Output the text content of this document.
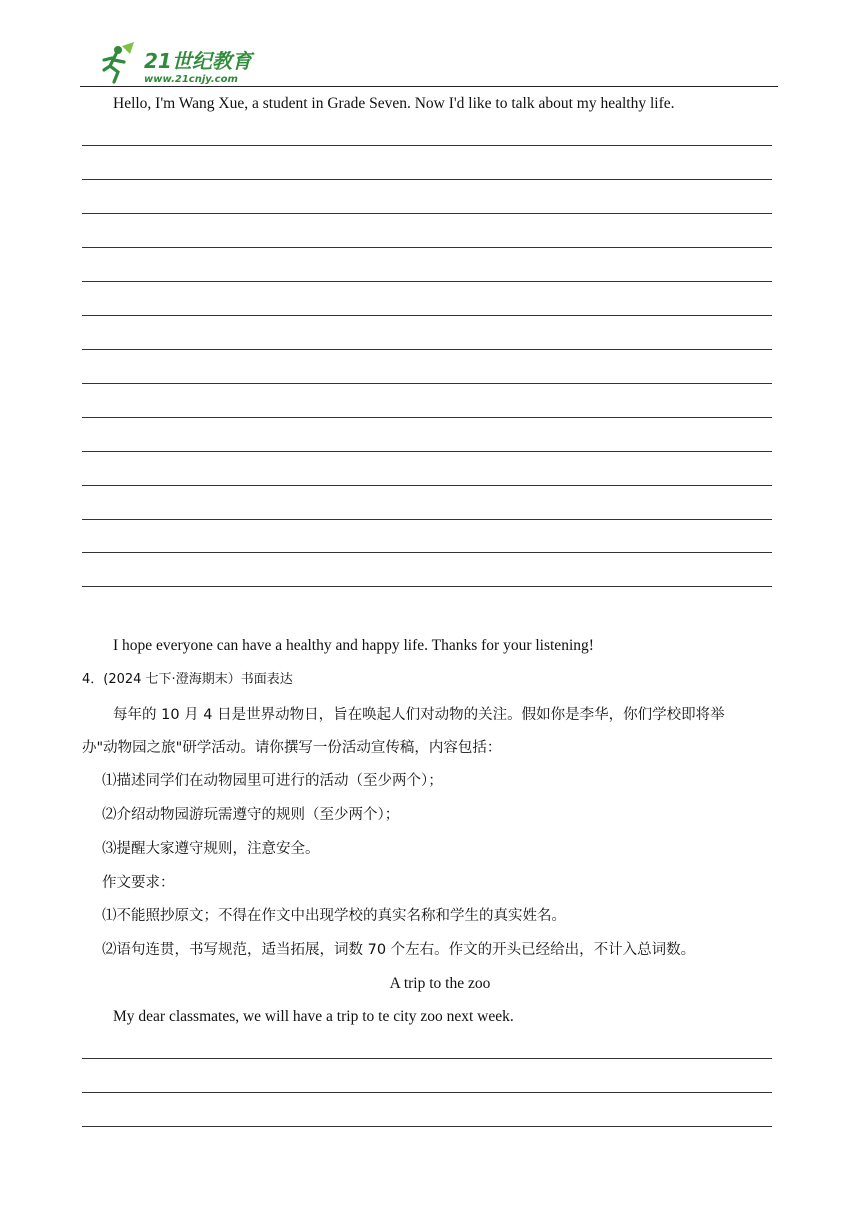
21世纪教育
www.21cnjy.com
Hello, I'm Wang Xue, a student in Grade Seven. Now I'd like to talk about my healthy life.
I hope everyone can have a healthy and happy life. Thanks for your listening!
4．(2024 七下·澄海期末）书面表达
每年的 10 月 4 日是世界动物日，旨在唤起人们对动物的关注。假如你是李华，你们学校即将举
办"动物园之旅"研学活动。请你撰写一份活动宣传稿，内容包括：
⑴描述同学们在动物园里可进行的活动（至少两个）；
⑵介绍动物园游玩需遵守的规则（至少两个）；
⑶提醒大家遵守规则，注意安全。
作文要求：
⑴不能照抄原文；不得在作文中出现学校的真实名称和学生的真实姓名。
⑵语句连贯，书写规范，适当拓展，词数 70 个左右。作文的开头已经给出，不计入总词数。
A trip to the zoo
My dear classmates, we will have a trip to te city zoo next week.
